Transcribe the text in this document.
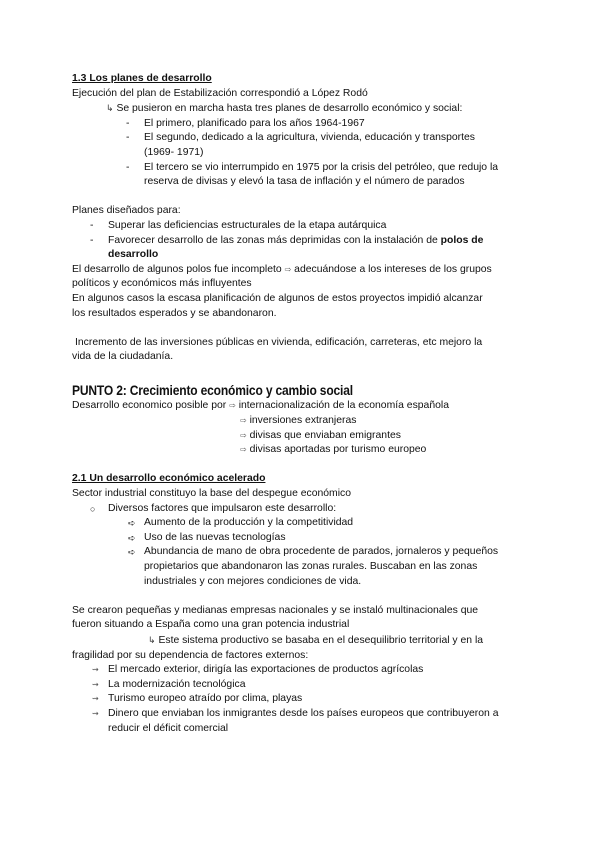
1.3 Los planes de desarrollo
Ejecución del plan de Estabilización correspondió a López Rodó
↳ Se pusieron en marcha hasta tres planes de desarrollo económico y social:
- El primero, planificado para los años 1964-1967
- El segundo, dedicado a la agricultura, vivienda, educación y transportes
(1969- 1971)
- El tercero se vio interrumpido en 1975 por la crisis del petróleo, que redujo la
reserva de divisas y elevó la tasa de inflación y el número de parados
Planes diseñados para:
- Superar las deficiencias estructurales de la etapa autárquica
- Favorecer desarrollo de las zonas más deprimidas con la instalación de polos de
desarrollo
El desarrollo de algunos polos fue incompleto ⇨ adecuándose a los intereses de los grupos
políticos y económicos más influyentes
En algunos casos la escasa planificación de algunos de estos proyectos impidió alcanzar
los resultados esperados y se abandonaron.
Incremento de las inversiones públicas en vivienda, edificación, carreteras, etc mejoro la
vida de la ciudadanía.
PUNTO 2: Crecimiento económico y cambio social
Desarrollo economico posible por ⇨ internacionalización de la economía española
⇨ inversiones extranjeras
⇨ divisas que enviaban emigrantes
⇨ divisas aportadas por turismo europeo
2.1 Un desarrollo económico acelerado
Sector industrial constituyo la base del despegue económico
○ Diversos factores que impulsaron este desarrollo:
➪ Aumento de la producción y la competitividad
➪ Uso de las nuevas tecnologías
➪ Abundancia de mano de obra procedente de parados, jornaleros y pequeños
propietarios que abandonaron las zonas rurales. Buscaban en las zonas
industriales y con mejores condiciones de vida.
Se crearon pequeñas y medianas empresas nacionales y se instaló multinacionales que
fueron situando a España como una gran potencia industrial
↳ Este sistema productivo se basaba en el desequilibrio territorial y en la
fragilidad por su dependencia de factores externos:
⇝ El mercado exterior, dirigía las exportaciones de productos agrícolas
⇝ La modernización tecnológica
⇝ Turismo europeo atraído por clima, playas
⇝ Dinero que enviaban los inmigrantes desde los países europeos que contribuyeron a
reducir el déficit comercial
